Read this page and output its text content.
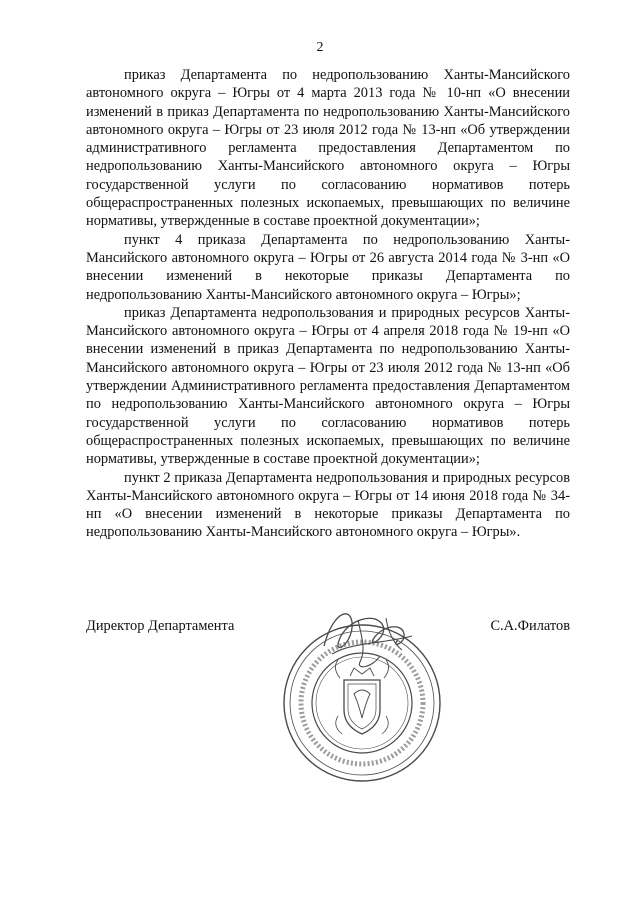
2

приказ Департамента по недропользованию Ханты-Мансийского автономного округа – Югры от 4 марта 2013 года № 10-нп «О внесении изменений в приказ Департамента по недропользованию Ханты-Мансийского автономного округа – Югры от 23 июля 2012 года № 13-нп «Об утверждении административного регламента предоставления Департаментом по недропользованию Ханты-Мансийского автономного округа – Югры государственной услуги по согласованию нормативов потерь общераспространенных полезных ископаемых, превышающих по величине нормативы, утвержденные в составе проектной документации»;

пункт 4 приказа Департамента по недропользованию Ханты-Мансийского автономного округа – Югры от 26 августа 2014 года № 3-нп «О внесении изменений в некоторые приказы Департамента по недропользованию Ханты-Мансийского автономного округа – Югры»;

приказ Департамента недропользования и природных ресурсов Ханты-Мансийского автономного округа – Югры от 4 апреля 2018 года № 19-нп «О внесении изменений в приказ Департамента по недропользованию Ханты-Мансийского автономного округа – Югры от 23 июля 2012 года № 13-нп «Об утверждении Административного регламента предоставления Департаментом по недропользованию Ханты-Мансийского автономного округа – Югры государственной услуги по согласованию нормативов потерь общераспространенных полезных ископаемых, превышающих по величине нормативы, утвержденные в составе проектной документации»;

пункт 2 приказа Департамента недропользования и природных ресурсов Ханты-Мансийского автономного округа – Югры от 14 июня 2018 года № 34-нп «О внесении изменений в некоторые приказы Департамента по недропользованию Ханты-Мансийского автономного округа – Югры».

Директор Департамента	С.А.Филатов
